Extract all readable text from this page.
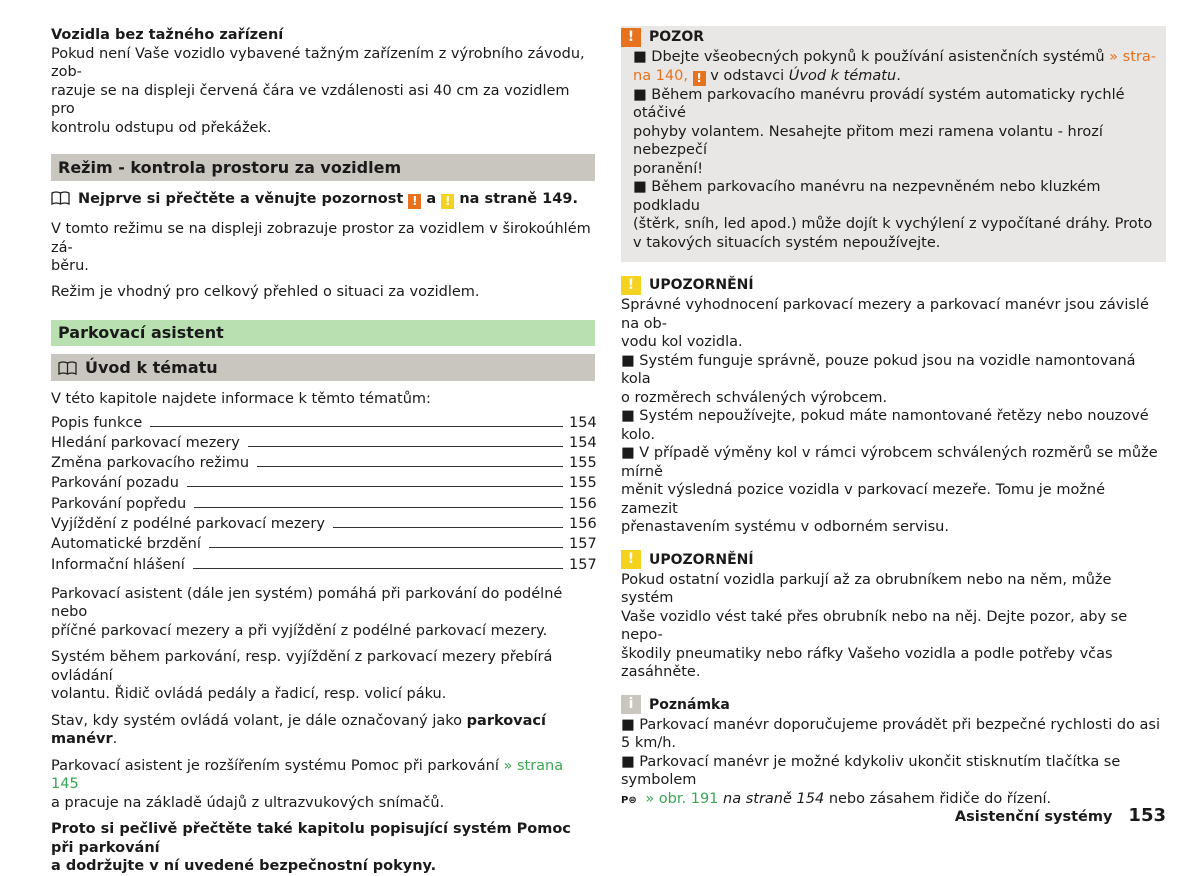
Vozidla bez tažného zařízení

Pokud není Vaše vozidlo vybavené tažným zařízením z výrobního závodu, zob-

razuje se na displeji červená čára ve vzdálenosti asi 40 cm za vozidlem pro

kontrolu odstupu od překážek.

Režim - kontrola prostoru za vozidlem

Nejprve si přečtěte a věnujte pozornost ! a ! na straně 149.

V tomto režimu se na displeji zobrazuje prostor za vozidlem v širokoúhlém zá-

běru.

Režim je vhodný pro celkový přehled o situaci za vozidlem.

Parkovací asistent
Úvod k tématu

V této kapitole najdete informace k těmto tématům:

Popis funkce	154
Hledání parkovací mezery	154
Změna parkovacího režimu	155
Parkování pozadu	155
Parkování popředu	156
Vyjíždění z podélné parkovací mezery	156
Automatické brzdění	157
Informační hlášení	157

Parkovací asistent (dále jen systém) pomáhá při parkování do podélné nebo

příčné parkovací mezery a při vyjíždění z podélné parkovací mezery.

Systém během parkování, resp. vyjíždění z parkovací mezery přebírá ovládání

volantu. Řidič ovládá pedály a řadicí, resp. volicí páku.

Stav, kdy systém ovládá volant, je dále označovaný jako parkovací manévr.

Parkovací asistent je rozšířením systému Pomoc při parkování » strana 145

a pracuje na základě údajů z ultrazvukových snímačů.

Proto si pečlivě přečtěte také kapitolu popisující systém Pomoc při parkování

a dodržujte v ní uvedené bezpečnostní pokyny.

!	POZOR

■ Dbejte všeobecných pokynů k používání asistenčních systémů » stra-

na 140, ! v odstavci Úvod k tématu.

■ Během parkovacího manévru provádí systém automaticky rychlé otáčivé

pohyby volantem. Nesahejte přitom mezi ramena volantu - hrozí nebezpečí

poranění!

■ Během parkovacího manévru na nezpevněném nebo kluzkém podkladu

(štěrk, sníh, led apod.) může dojít k vychýlení z vypočítané dráhy. Proto

v takových situacích systém nepoužívejte.

!	UPOZORNĚNÍ

Správné vyhodnocení parkovací mezery a parkovací manévr jsou závislé na ob-

vodu kol vozidla.

■ Systém funguje správně, pouze pokud jsou na vozidle namontovaná kola

o rozměrech schválených výrobcem.

■ Systém nepoužívejte, pokud máte namontované řetězy nebo nouzové kolo.

■ V případě výměny kol v rámci výrobcem schválených rozměrů se může mírně

měnit výsledná pozice vozidla v parkovací mezeře. Tomu je možné zamezit

přenastavením systému v odborném servisu.

!	UPOZORNĚNÍ

Pokud ostatní vozidla parkují až za obrubníkem nebo na něm, může systém

Vaše vozidlo vést také přes obrubník nebo na něj. Dejte pozor, aby se nepo-

škodily pneumatiky nebo ráfky Vašeho vozidla a podle potřeby včas zasáhněte.

i	Poznámka

■ Parkovací manévr doporučujeme provádět při bezpečné rychlosti do asi

5 km/h.

■ Parkovací manévr je možné kdykoliv ukončit stisknutím tlačítka se symbolem

P⊜ » obr. 191 na straně 154 nebo zásahem řidiče do řízení.

Asistenční systémy 153
